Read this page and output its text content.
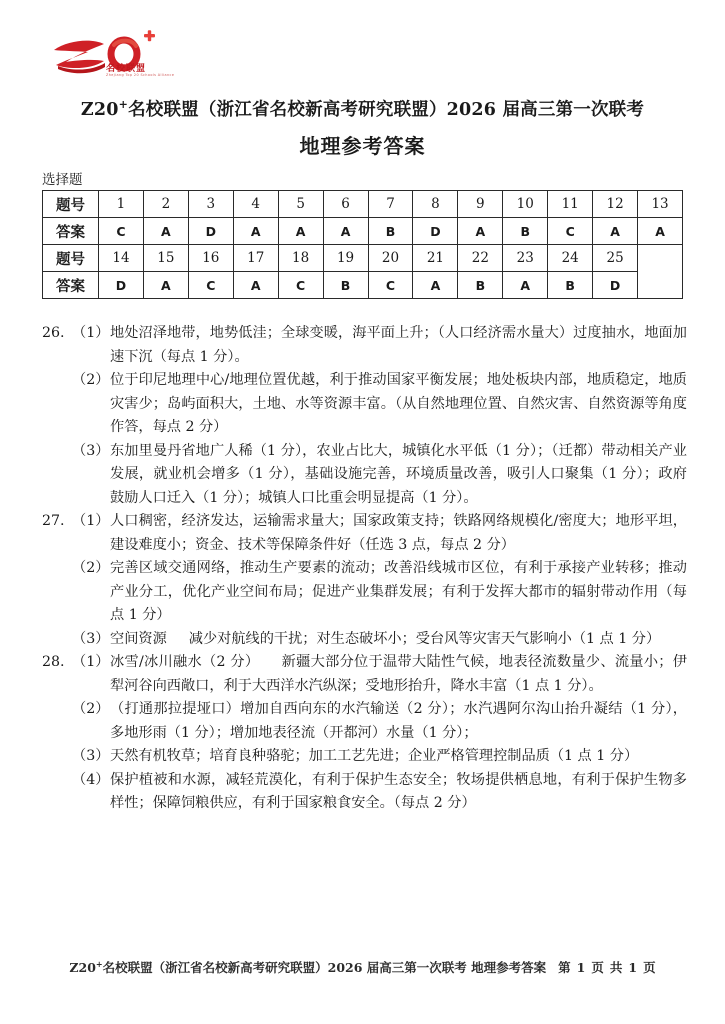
名校联盟
Zhejiang Top 20 Schools Alliance
Z20+名校联盟（浙江省名校新高考研究联盟）2026 届高三第一次联考
地理参考答案
选择题
题号	1	2	3	4	5	6	7	8	9	10	11	12	13
答案	C	A	D	A	A	A	B	D	A	B	C	A	A
题号	14	15	16	17	18	19	20	21	22	23	24	25	
答案	D	A	C	A	C	B	C	A	B	A	B	D	
26. （1） 地处沼泽地带，地势低洼；全球变暖，海平面上升；（人口经济需水量大）过度抽水，地面加速下沉（每点 1 分）。
（2） 位于印尼地理中心/地理位置优越，利于推动国家平衡发展；地处板块内部，地质稳定，地质灾害少；岛屿面积大，土地、水等资源丰富。（从自然地理位置、自然灾害、自然资源等角度作答，每点 2 分）
（3） 东加里曼丹省地广人稀（1 分），农业占比大，城镇化水平低（1 分）；（迁都）带动相关产业发展，就业机会增多（1 分），基础设施完善，环境质量改善，吸引人口聚集（1 分）；政府鼓励人口迁入（1 分）；城镇人口比重会明显提高（1 分）。
27. （1） 人口稠密，经济发达，运输需求量大；国家政策支持；铁路网络规模化/密度大；地形平坦，建设难度小；资金、技术等保障条件好（任选 3 点，每点 2 分）
（2） 完善区域交通网络，推动生产要素的流动；改善沿线城市区位，有利于承接产业转移；推动产业分工，优化产业空间布局；促进产业集群发展；有利于发挥大都市的辐射带动作用（每点 1 分）
（3） 空间资源 减少对航线的干扰；对生态破坏小；受台风等灾害天气影响小（1 点 1 分）
28. （1） 冰雪/冰川融水（2 分） 新疆大部分位于温带大陆性气候，地表径流数量少、流量小；伊犁河谷向西敞口，利于大西洋水汽纵深；受地形抬升，降水丰富（1 点 1 分）。
（2） （打通那拉提垭口）增加自西向东的水汽输送（2 分）；水汽遇阿尔沟山抬升凝结（1 分），多地形雨（1 分）；增加地表径流（开都河）水量（1 分）；
（3） 天然有机牧草；培育良种骆驼；加工工艺先进；企业严格管理控制品质（1 点 1 分）
（4） 保护植被和水源，减轻荒漠化，有利于保护生态安全；牧场提供栖息地，有利于保护生物多样性；保障饲粮供应，有利于国家粮食安全。（每点 2 分）
Z20+名校联盟（浙江省名校新高考研究联盟）2026 届高三第一次联考 地理参考答案 第 1 页 共 1 页
